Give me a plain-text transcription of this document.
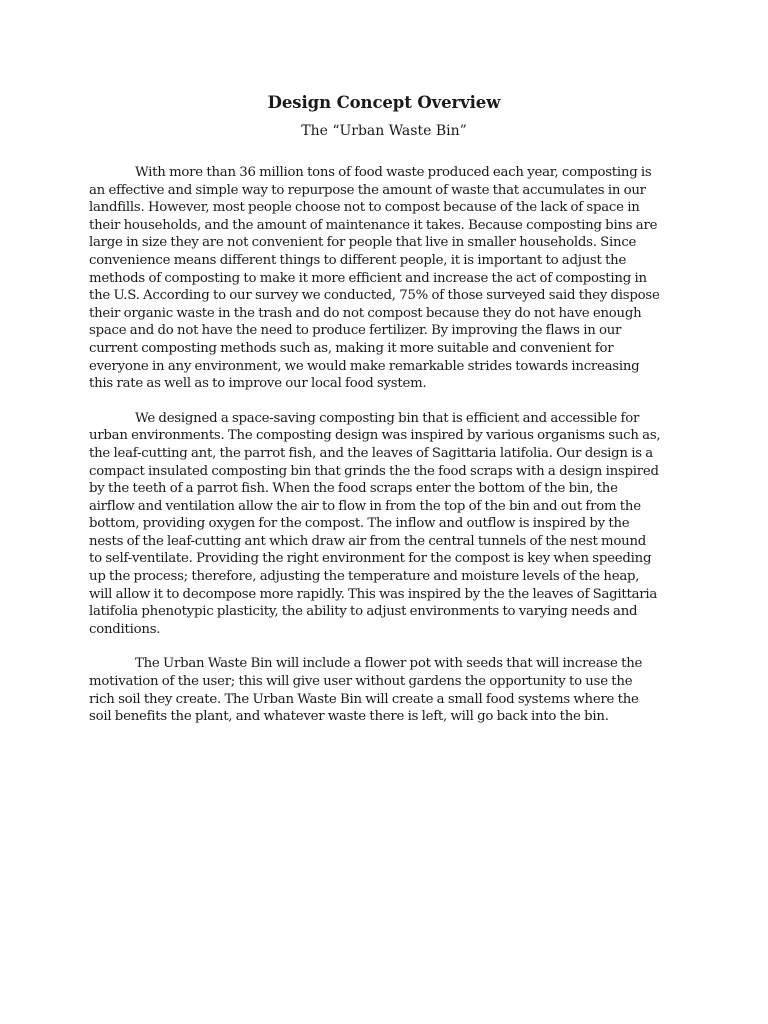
Design Concept Overview
The “Urban Waste Bin”

With more than 36 million tons of food waste produced each year, composting is an effective and simple way to repurpose the amount of waste that accumulates in our landfills. However, most people choose not to compost because of the lack of space in their households, and the amount of maintenance it takes. Because composting bins are large in size they are not convenient for people that live in smaller households. Since convenience means different things to different people, it is important to adjust the methods of composting to make it more efficient and increase the act of composting in the U.S. According to our survey we conducted, 75% of those surveyed said they dispose their organic waste in the trash and do not compost because they do not have enough space and do not have the need to produce fertilizer. By improving the flaws in our current composting methods such as, making it more suitable and convenient for everyone in any environment, we would make remarkable strides towards increasing this rate as well as to improve our local food system.

We designed a space-saving composting bin that is efficient and accessible for urban environments. The composting design was inspired by various organisms such as, the leaf-cutting ant, the parrot fish, and the leaves of Sagittaria latifolia. Our design is a compact insulated composting bin that grinds the the food scraps with a design inspired by the teeth of a parrot fish. When the food scraps enter the bottom of the bin, the airflow and ventilation allow the air to flow in from the top of the bin and out from the bottom, providing oxygen for the compost. The inflow and outflow is inspired by the nests of the leaf-cutting ant which draw air from the central tunnels of the nest mound to self-ventilate. Providing the right environment for the compost is key when speeding up the process; therefore, adjusting the temperature and moisture levels of the heap, will allow it to decompose more rapidly. This was inspired by the the leaves of Sagittaria latifolia phenotypic plasticity, the ability to adjust environments to varying needs and conditions.

The Urban Waste Bin will include a flower pot with seeds that will increase the motivation of the user; this will give user without gardens the opportunity to use the rich soil they create. The Urban Waste Bin will create a small food systems where the soil benefits the plant, and whatever waste there is left, will go back into the bin.
